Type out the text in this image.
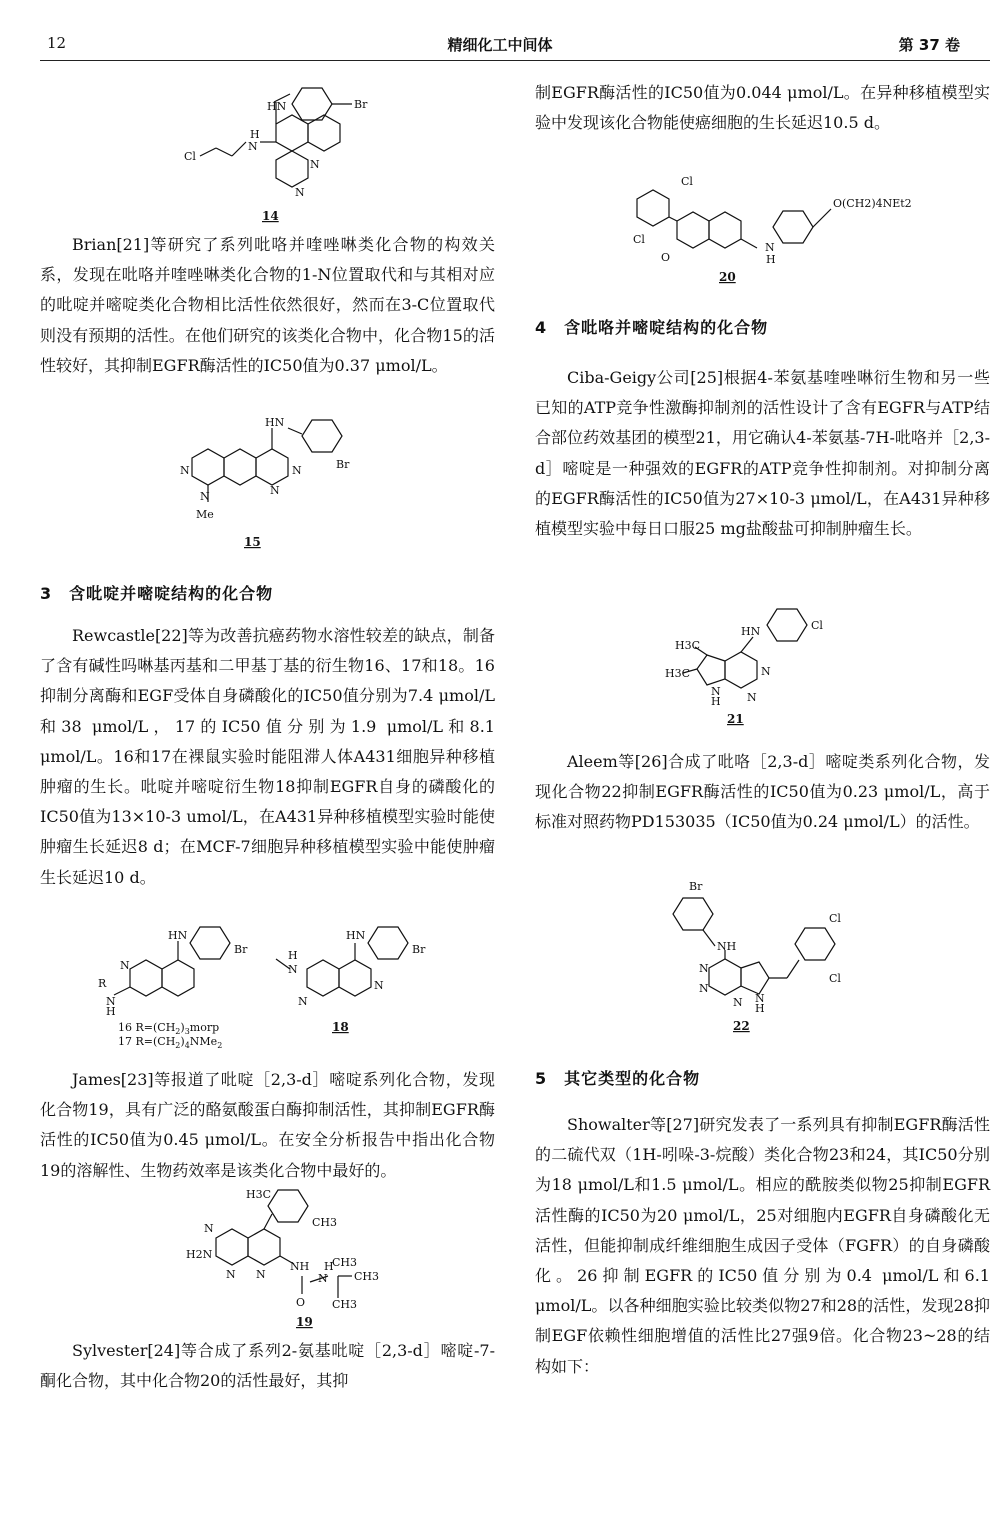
12	精细化工中间体	第 37 卷
HN	Br
H
N
Cl
N
N
14

Brian[21]等研究了系列吡咯并喹唑啉类化合物的构效关系，发现在吡咯并喹唑啉类化合物的1-N位置取代和与其相对应的吡啶并嘧啶类化合物相比活性依然很好，然而在3-C位置取代则没有预期的活性。在他们研究的该类化合物中，化合物15的活性较好，其抑制EGFR酶活性的IC50值为0.37 μmol/L。

HN
Br
N	N
N
N
Me
15
3　含吡啶并嘧啶结构的化合物

Rewcastle[22]等为改善抗癌药物水溶性较差的缺点，制备了含有碱性吗啉基丙基和二甲基丁基的衍生物16、17和18。16抑制分离酶和EGF受体自身磷酸化的IC50值分别为7.4 μmol/L和38 μmol/L，17的IC50值分别为1.9 μmol/L和8.1 μmol/L。16和17在裸鼠实验时能阻滞人体A431细胞异种移植肿瘤的生长。吡啶并嘧啶衍生物18抑制EGFR自身的磷酸化的IC50值为13×10-3 umol/L，在A431异种移植模型实验时能使肿瘤生长延迟8 d；在MCF-7细胞异种移植模型实验中能使肿瘤生长延迟10 d。

HN
Br
N
R
N
H
16 $R=(CH_2)_3morp$
17 $R=(CH_2)_4NMe_2$
HN
Br
H
N
N
N
18

James[23]等报道了吡啶［2,3-d］嘧啶系列化合物，发现化合物19，具有广泛的酪氨酸蛋白酶抑制活性，其抑制EGFR酶活性的IC50值为0.45 μmol/L。在安全分析报告中指出化合物19的溶解性、生物药效率是该类化合物中最好的。

H3C
CH3
N
H2N
N N
NH H
N
CH3
CH3
CH3
O
19

Sylvester[24]等合成了系列2-氨基吡啶［2,3-d］嘧啶-7-酮化合物，其中化合物20的活性最好，其抑

制EGFR酶活性的IC50值为0.044 μmol/L。在异种移植模型实验中发现该化合物能使癌细胞的生长延迟10.5 d。

Cl
Cl
O
N
H
O(CH2)4NEt2
20
4　含吡咯并嘧啶结构的化合物

Ciba-Geigy公司[25]根据4-苯氨基喹唑啉衍生物和另一些已知的ATP竞争性激酶抑制剂的活性设计了含有EGFR与ATP结合部位药效基团的模型21，用它确认4-苯氨基-7H-吡咯并［2,3-d］嘧啶是一种强效的EGFR的ATP竞争性抑制剂。对抑制分离的EGFR酶活性的IC50值为27×10-3 μmol/L，在A431异种移植模型实验中每日口服25 mg盐酸盐可抑制肿瘤生长。

HN	Cl
H3C
H3C	N
N
N
H
21

Aleem等[26]合成了吡咯［2,3-d］嘧啶类系列化合物，发现化合物22抑制EGFR酶活性的IC50值为0.23 μmol/L，高于标准对照药物PD153035（IC50值为0.24 μmol/L）的活性。

Br
NH
Cl
Cl
N
N
N N
H
22
5　其它类型的化合物

Showalter等[27]研究发表了一系列具有抑制EGFR酶活性的二硫代双（1H-吲哚-3-烷酸）类化合物23和24，其IC50分别为18 μmol/L和1.5 μmol/L。相应的酰胺类似物25抑制EGFR活性酶的IC50为20 μmol/L，25对细胞内EGFR自身磷酸化无活性，但能抑制成纤维细胞生成因子受体（FGFR）的自身磷酸化。26抑制EGFR的IC50值分别为0.4 μmol/L和6.1 μmol/L。以各种细胞实验比较类似物27和28的活性，发现28抑制EGF依赖性细胞增值的活性比27强9倍。化合物23~28的结构如下：
